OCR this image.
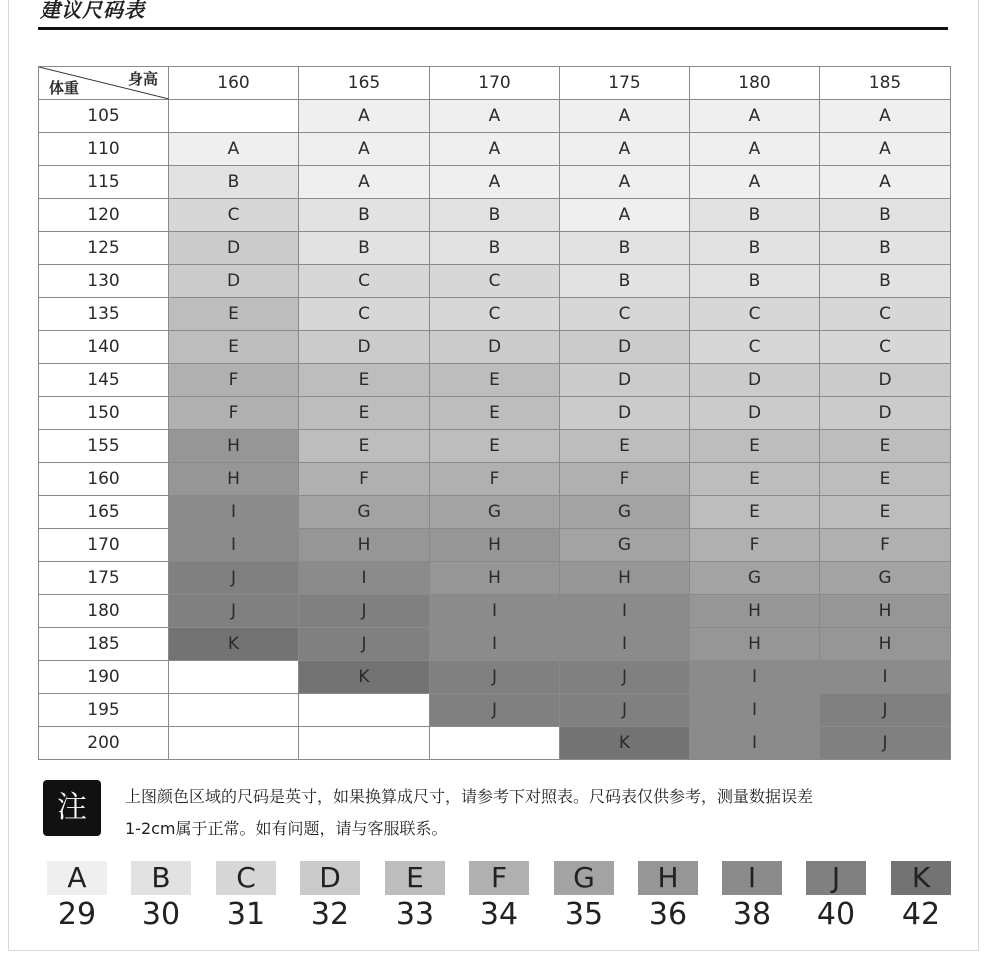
建议尺码表
身高
体重	160	165	170	175	180	185
105		A	A	A	A	A
110	A	A	A	A	A	A
115	B	A	A	A	A	A
120	C	B	B	A	B	B
125	D	B	B	B	B	B
130	D	C	C	B	B	B
135	E	C	C	C	C	C
140	E	D	D	D	C	C
145	F	E	E	D	D	D
150	F	E	E	D	D	D
155	H	E	E	E	E	E
160	H	F	F	F	E	E
165	I	G	G	G	E	E
170	I	H	H	G	F	F
175	J	I	H	H	G	G
180	J	J	I	I	H	H
185	K	J	I	I	H	H
190		K	J	J	I	I
195			J	J	I	J
200				K	I	J
注	上图颜色区域的尺码是英寸，如果换算成尺寸，请参考下对照表。尺码表仅供参考，测量数据误差
1-2cm属于正常。如有问题，请与客服联系。
A
29
B
30
C
31
D
32
E
33
F
34
G
35
H
36
I
38
J
40
K
42
